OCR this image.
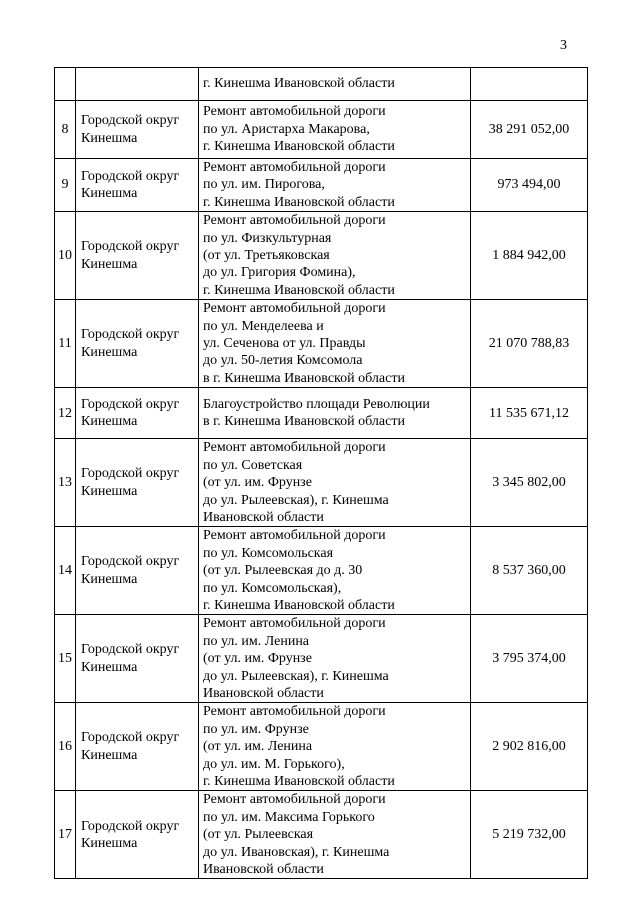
3
		г. Кинешма Ивановской области	
8	Городской округ Кинешма	Ремонт автомобильной дороги
по ул. Аристарха Макарова,
г. Кинешма Ивановской области	38 291 052,00
9	Городской округ Кинешма	Ремонт автомобильной дороги
по ул. им. Пирогова,
г. Кинешма Ивановской области	973 494,00
10	Городской округ Кинешма	Ремонт автомобильной дороги
по ул. Физкультурная
(от ул. Третьяковская
до ул. Григория Фомина),
г. Кинешма Ивановской области	1 884 942,00
11	Городской округ Кинешма	Ремонт автомобильной дороги
по ул. Менделеева и
ул. Сеченова от ул. Правды
до ул. 50-летия Комсомола
в г. Кинешма Ивановской области	21 070 788,83
12	Городской округ Кинешма	Благоустройство площади Революции
в г. Кинешма Ивановской области	11 535 671,12
13	Городской округ Кинешма	Ремонт автомобильной дороги
по ул. Советская
(от ул. им. Фрунзе
до ул. Рылеевская), г. Кинешма
Ивановской области	3 345 802,00
14	Городской округ Кинешма	Ремонт автомобильной дороги
по ул. Комсомольская
(от ул. Рылеевская до д. 30
по ул. Комсомольская),
г. Кинешма Ивановской области	8 537 360,00
15	Городской округ Кинешма	Ремонт автомобильной дороги
по ул. им. Ленина
(от ул. им. Фрунзе
до ул. Рылеевская), г. Кинешма
Ивановской области	3 795 374,00
16	Городской округ Кинешма	Ремонт автомобильной дороги
по ул. им. Фрунзе
(от ул. им. Ленина
до ул. им. М. Горького),
г. Кинешма Ивановской области	2 902 816,00
17	Городской округ Кинешма	Ремонт автомобильной дороги
по ул. им. Максима Горького
(от ул. Рылеевская
до ул. Ивановская), г. Кинешма
Ивановской области	5 219 732,00
